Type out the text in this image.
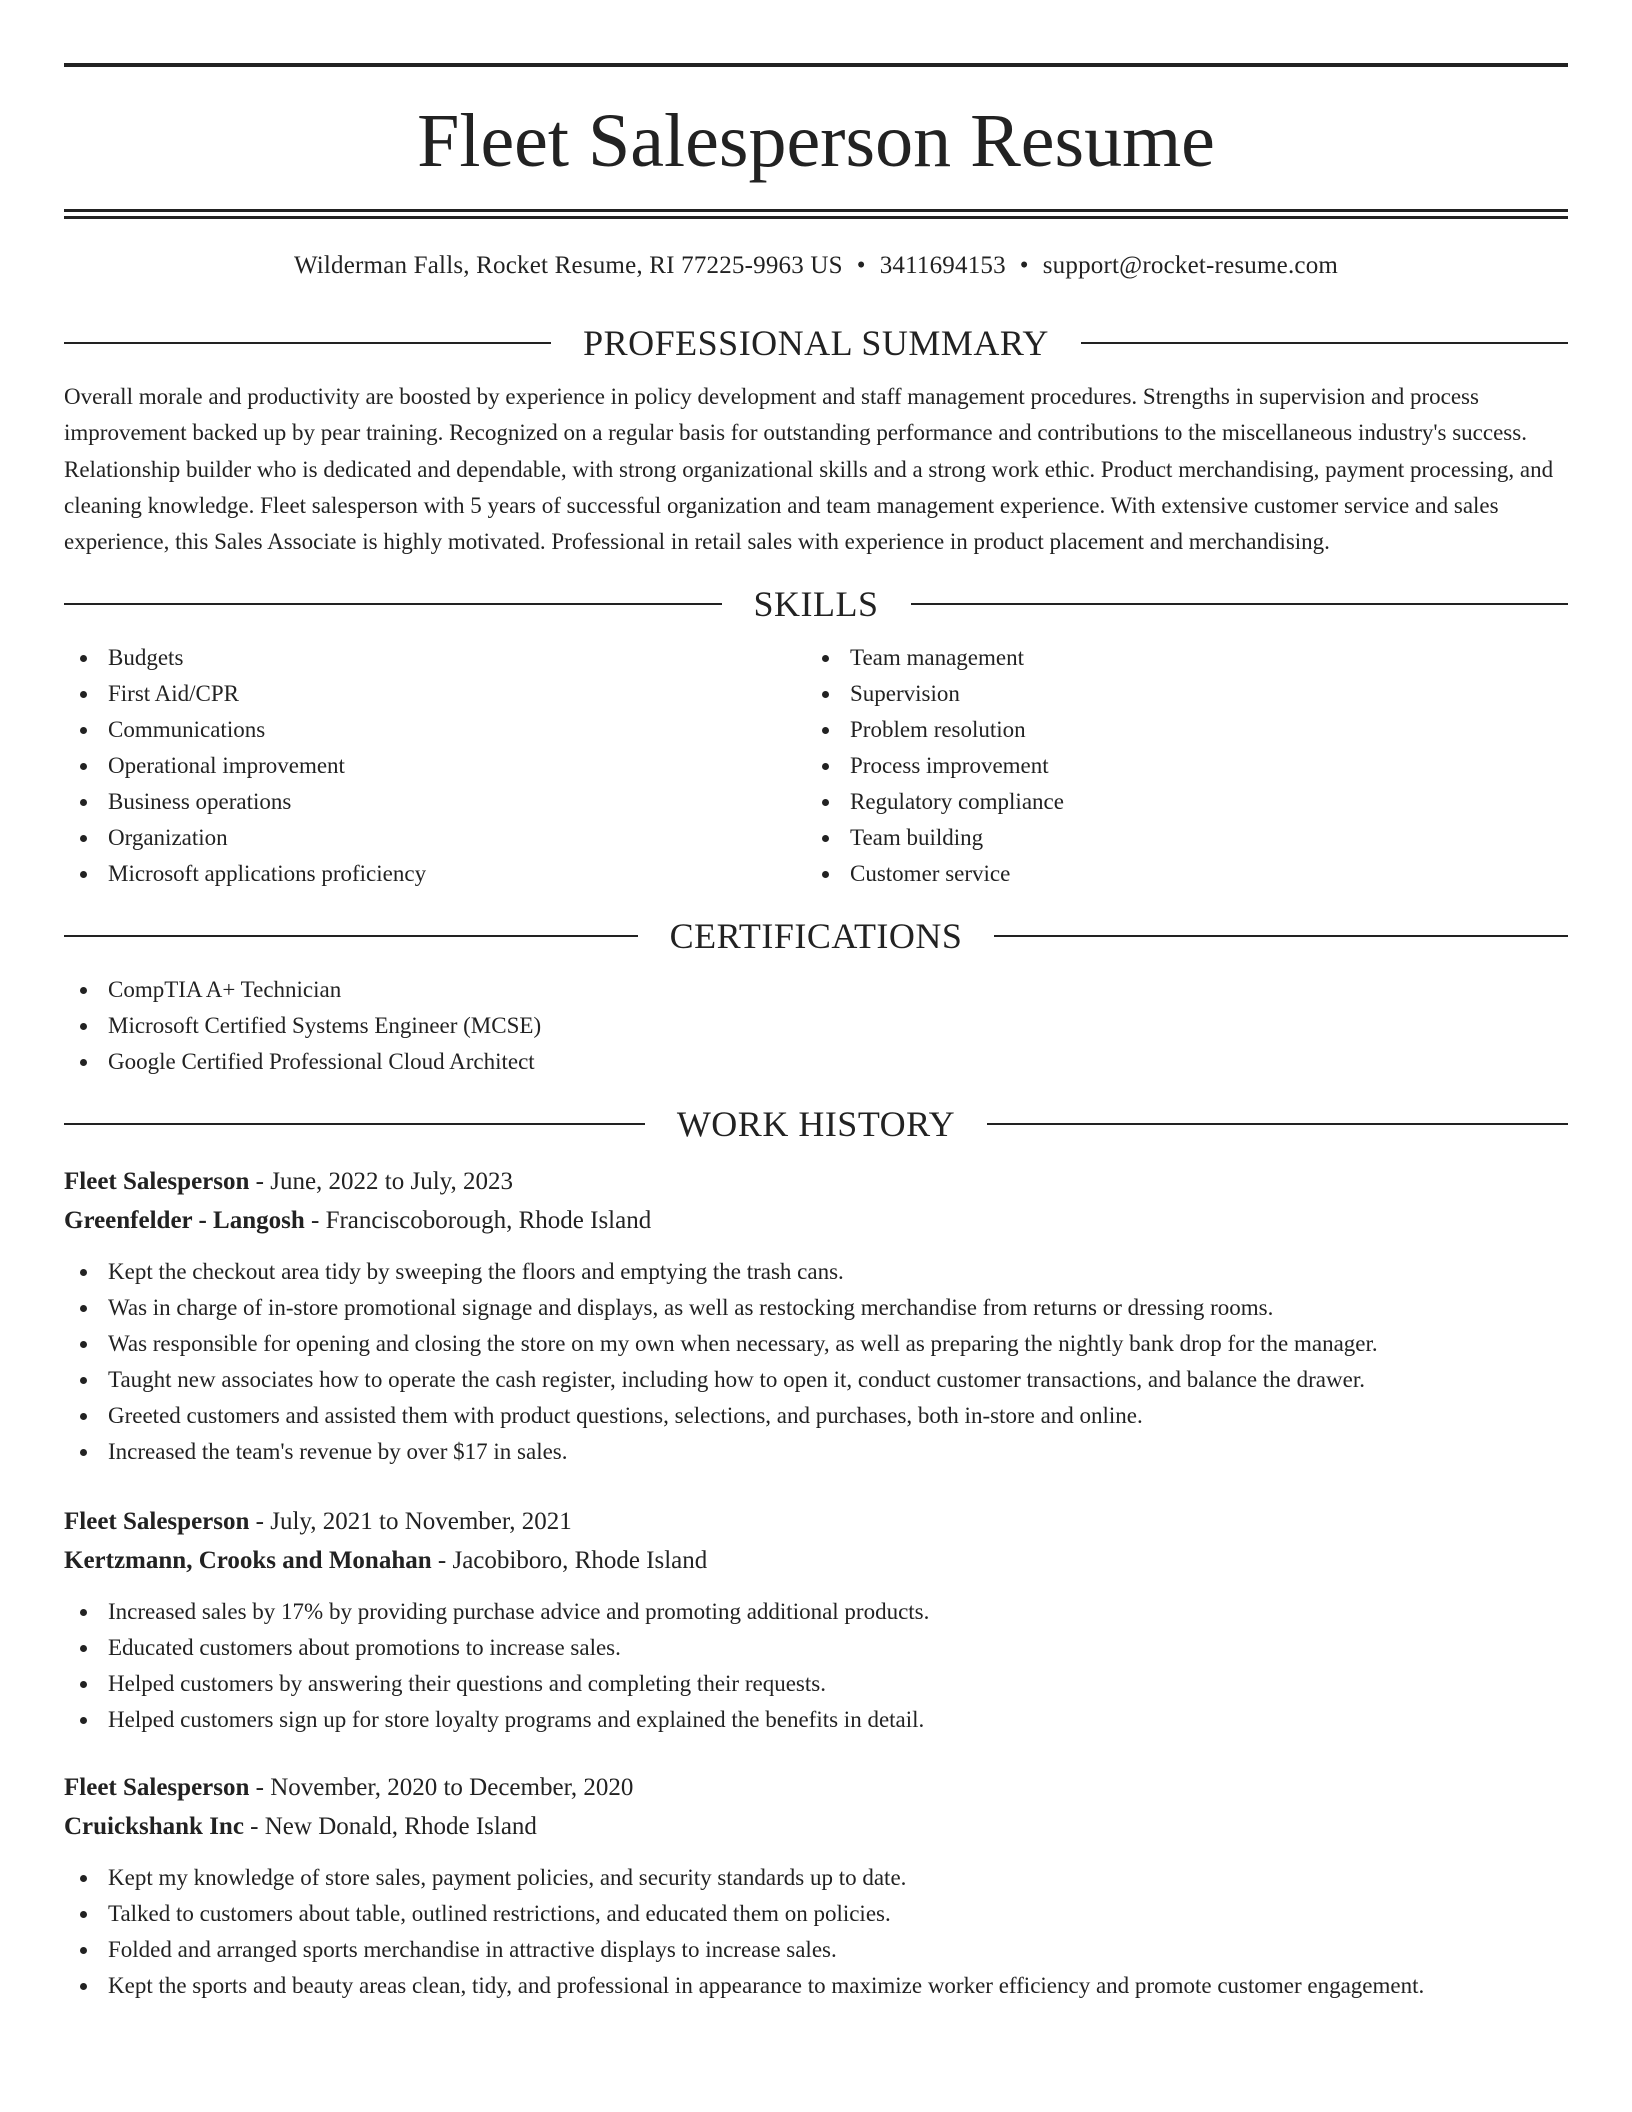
Fleet Salesperson Resume
Wilderman Falls, Rocket Resume, RI 77225-9963 US • 3411694153 • support@rocket-resume.com
PROFESSIONAL SUMMARY

Overall morale and productivity are boosted by experience in policy development and staff management procedures. Strengths in supervision and process improvement backed up by pear training. Recognized on a regular basis for outstanding performance and contributions to the miscellaneous industry's success. Relationship builder who is dedicated and dependable, with strong organizational skills and a strong work ethic. Product merchandising, payment processing, and cleaning knowledge. Fleet salesperson with 5 years of successful organization and team management experience. With extensive customer service and sales experience, this Sales Associate is highly motivated. Professional in retail sales with experience in product placement and merchandising.

SKILLS
Budgets
First Aid/CPR
Communications
Operational improvement
Business operations
Organization
Microsoft applications proficiency
Team management
Supervision
Problem resolution
Process improvement
Regulatory compliance
Team building
Customer service
CERTIFICATIONS
CompTIA A+ Technician
Microsoft Certified Systems Engineer (MCSE)
Google Certified Professional Cloud Architect
WORK HISTORY
Fleet Salesperson - June, 2022 to July, 2023
Greenfelder - Langosh - Franciscoborough, Rhode Island
Kept the checkout area tidy by sweeping the floors and emptying the trash cans.
Was in charge of in-store promotional signage and displays, as well as restocking merchandise from returns or dressing rooms.
Was responsible for opening and closing the store on my own when necessary, as well as preparing the nightly bank drop for the manager.
Taught new associates how to operate the cash register, including how to open it, conduct customer transactions, and balance the drawer.
Greeted customers and assisted them with product questions, selections, and purchases, both in-store and online.
Increased the team's revenue by over $17 in sales.
Fleet Salesperson - July, 2021 to November, 2021
Kertzmann, Crooks and Monahan - Jacobiboro, Rhode Island
Increased sales by 17% by providing purchase advice and promoting additional products.
Educated customers about promotions to increase sales.
Helped customers by answering their questions and completing their requests.
Helped customers sign up for store loyalty programs and explained the benefits in detail.
Fleet Salesperson - November, 2020 to December, 2020
Cruickshank Inc - New Donald, Rhode Island
Kept my knowledge of store sales, payment policies, and security standards up to date.
Talked to customers about table, outlined restrictions, and educated them on policies.
Folded and arranged sports merchandise in attractive displays to increase sales.
Kept the sports and beauty areas clean, tidy, and professional in appearance to maximize worker efficiency and promote customer engagement.
